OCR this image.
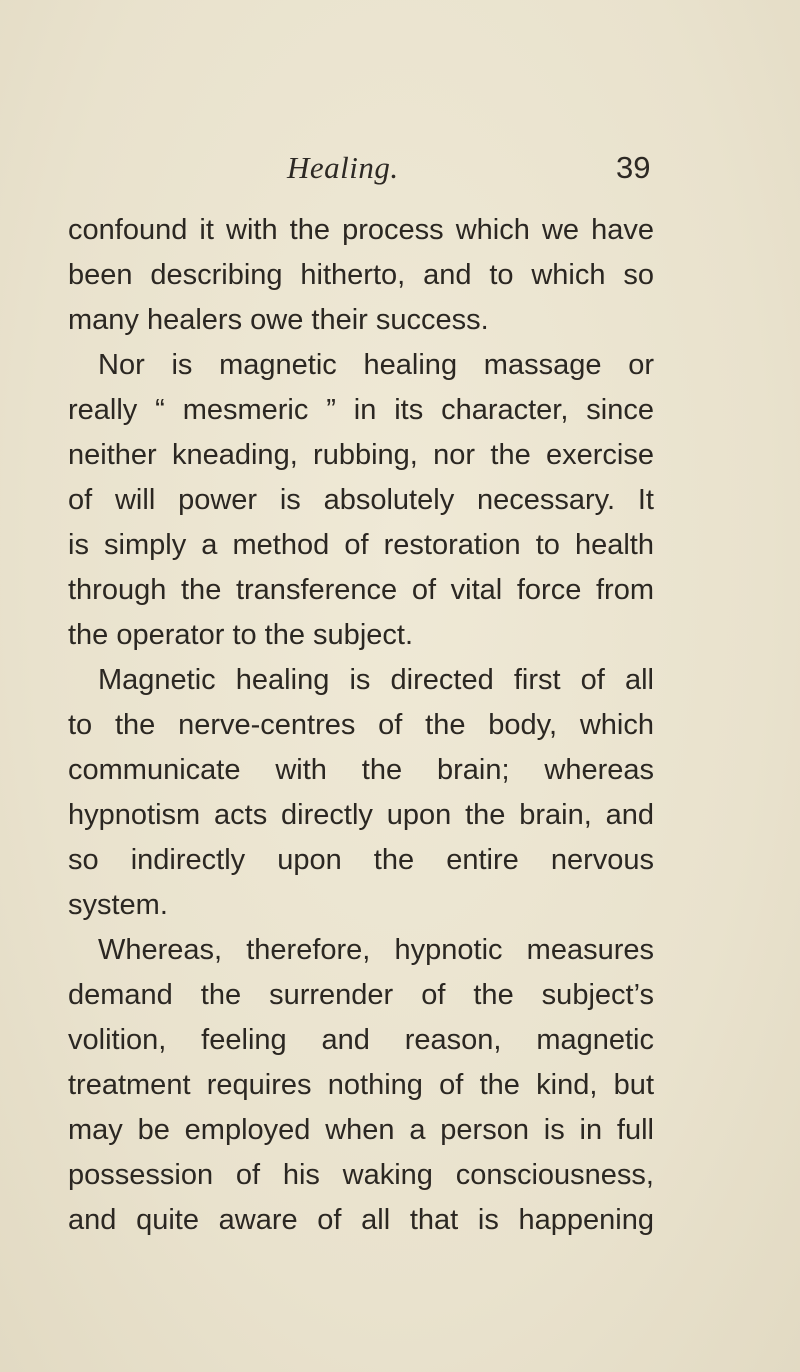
Healing.	39
confound it with the process which we have
been describing hitherto, and to which so
many healers owe their success.
Nor is magnetic healing massage or
really “ mesmeric ” in its character, since
neither kneading, rubbing, nor the exercise
of will power is absolutely necessary. It
is simply a method of restoration to health
through the transference of vital force from
the operator to the subject.
Magnetic healing is directed first of all
to the nerve-centres of the body, which
communicate with the brain; whereas
hypnotism acts directly upon the brain, and
so indirectly upon the entire nervous
system.
Whereas, therefore, hypnotic measures
demand the surrender of the subject’s
volition, feeling and reason, magnetic
treatment requires nothing of the kind, but
may be employed when a person is in full
possession of his waking consciousness,
and quite aware of all that is happening
